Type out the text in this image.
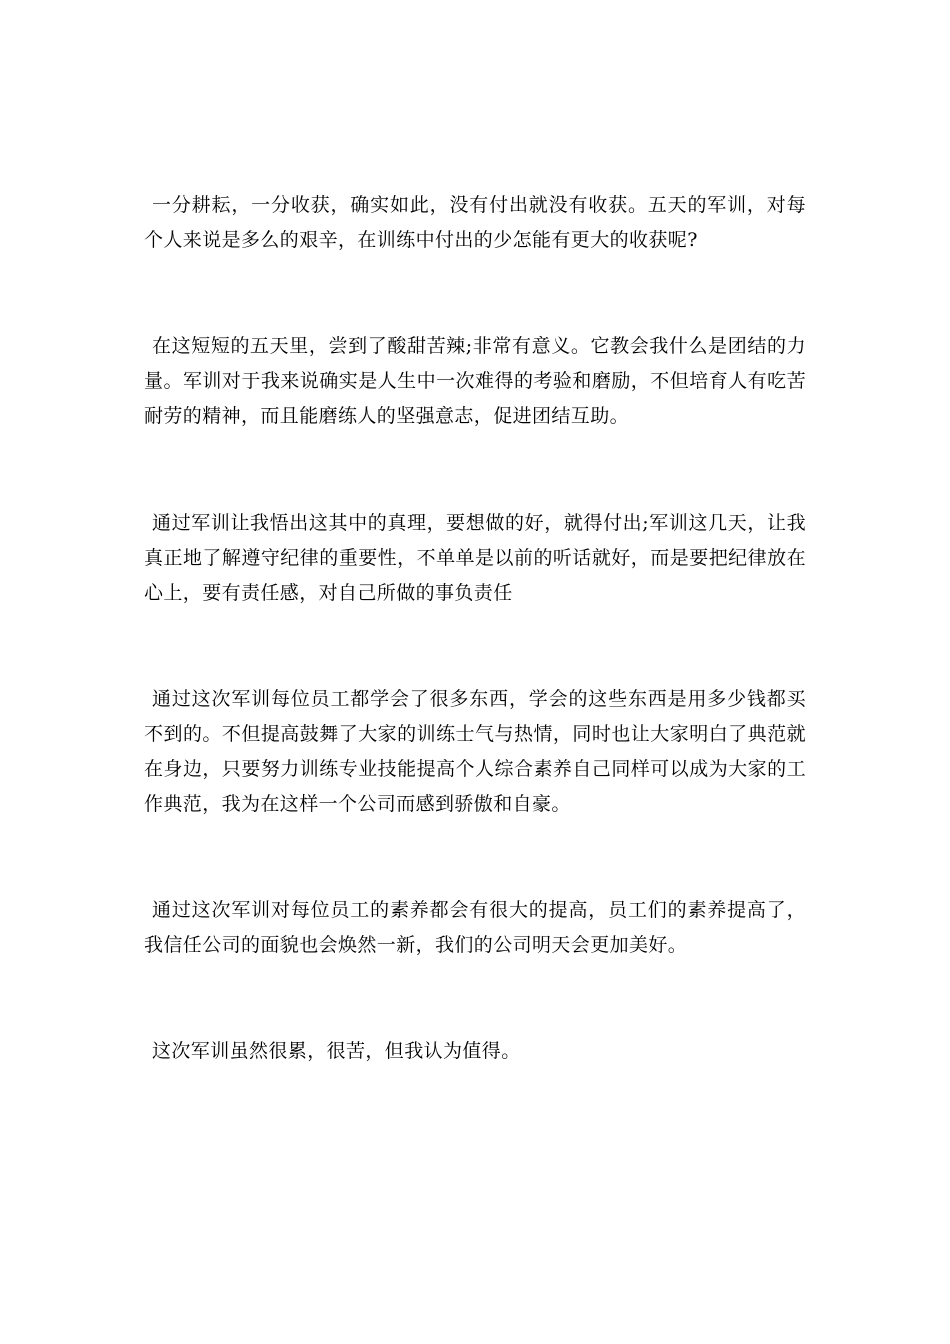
一分耕耘，一分收获，确实如此，没有付出就没有收获。五天的军训，对每个人来说是多么的艰辛，在训练中付出的少怎能有更大的收获呢?

在这短短的五天里，尝到了酸甜苦辣;非常有意义。它教会我什么是团结的力量。军训对于我来说确实是人生中一次难得的考验和磨励，不但培育人有吃苦耐劳的精神，而且能磨练人的坚强意志，促进团结互助。

通过军训让我悟出这其中的真理，要想做的好，就得付出;军训这几天，让我真正地了解遵守纪律的重要性，不单单是以前的听话就好，而是要把纪律放在心上，要有责任感，对自己所做的事负责任

通过这次军训每位员工都学会了很多东西，学会的这些东西是用多少钱都买不到的。不但提高鼓舞了大家的训练士气与热情，同时也让大家明白了典范就在身边，只要努力训练专业技能提高个人综合素养自己同样可以成为大家的工作典范，我为在这样一个公司而感到骄傲和自豪。

通过这次军训对每位员工的素养都会有很大的提高，员工们的素养提高了，我信任公司的面貌也会焕然一新，我们的公司明天会更加美好。

这次军训虽然很累，很苦，但我认为值得。
